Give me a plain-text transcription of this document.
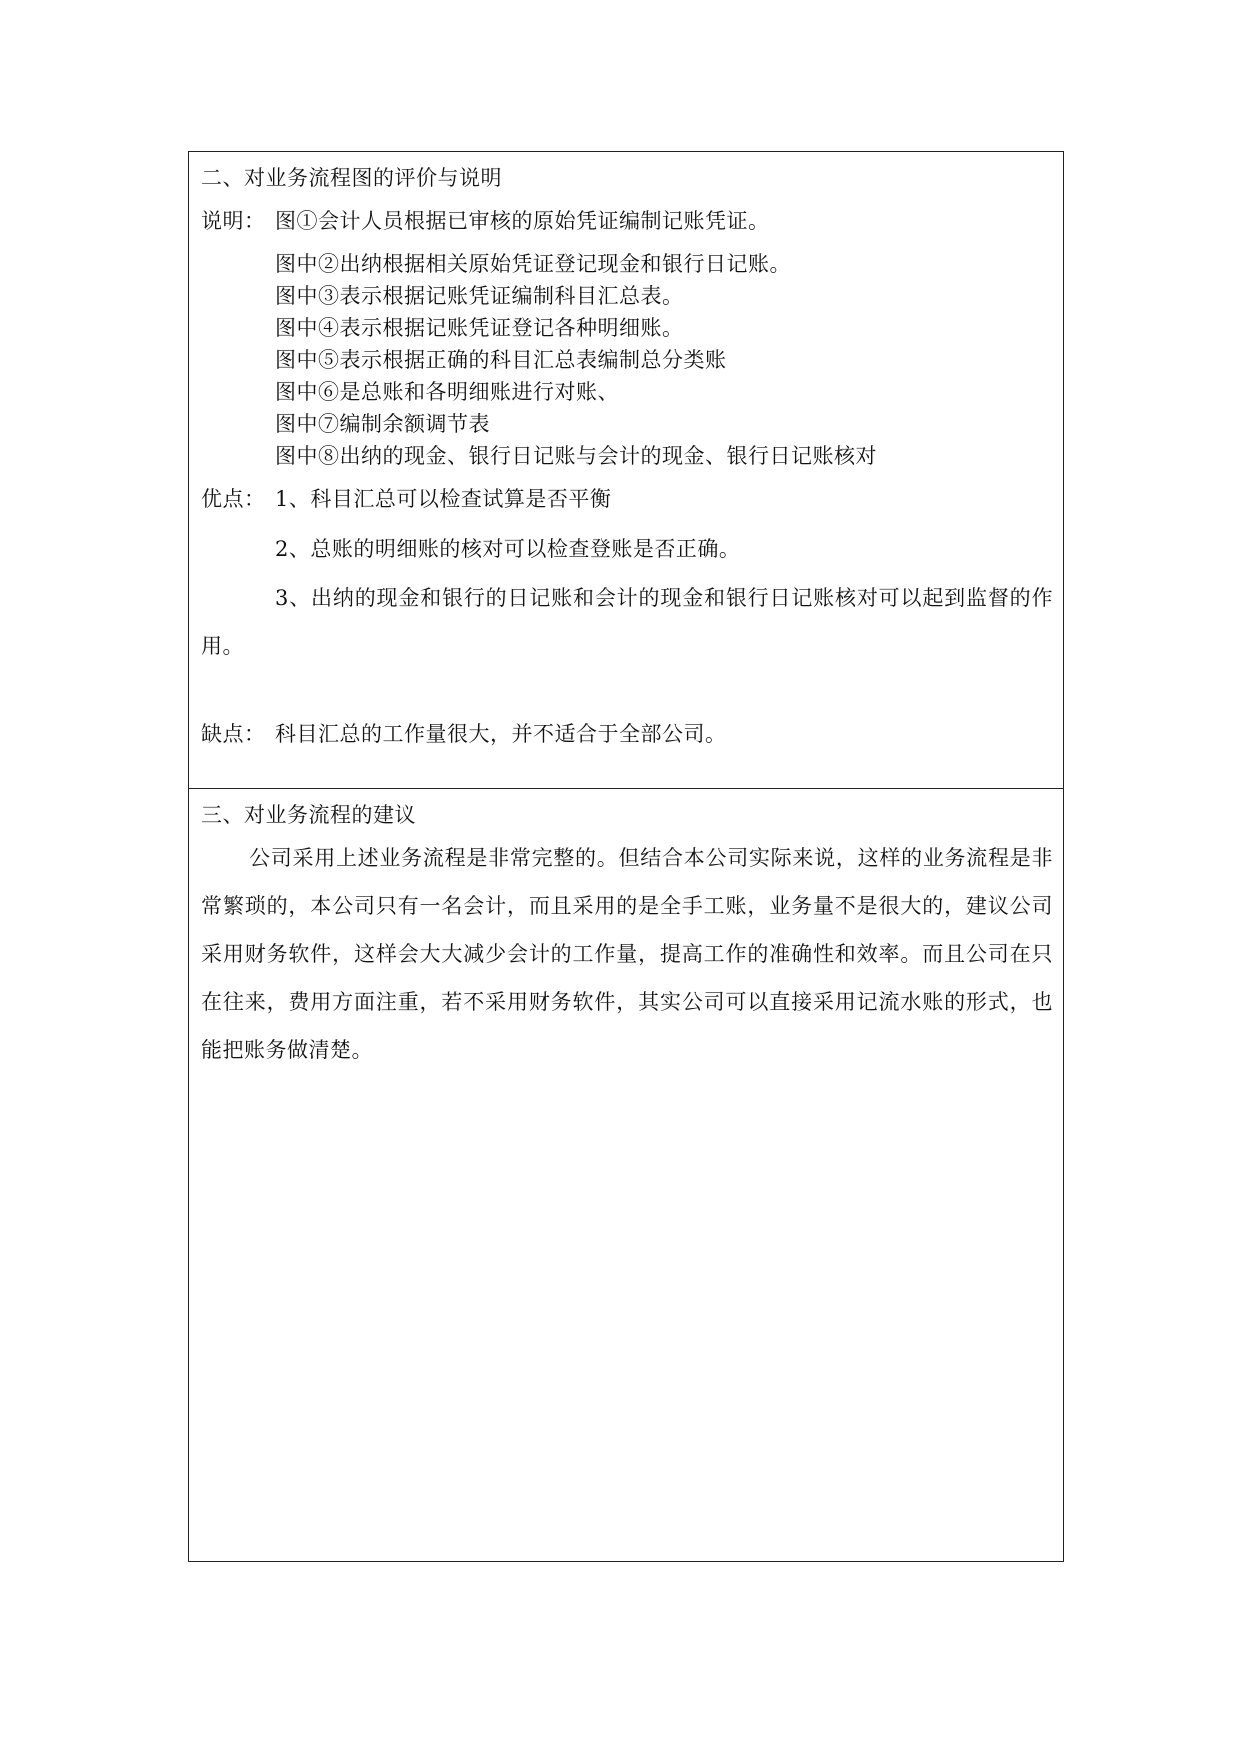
二、对业务流程图的评价与说明
说明： 图①会计人员根据已审核的原始凭证编制记账凭证。
图中②出纳根据相关原始凭证登记现金和银行日记账。
图中③表示根据记账凭证编制科目汇总表。
图中④表示根据记账凭证登记各种明细账。
图中⑤表示根据正确的科目汇总表编制总分类账
图中⑥是总账和各明细账进行对账、
图中⑦编制余额调节表
图中⑧出纳的现金、银行日记账与会计的现金、银行日记账核对
优点： 1、科目汇总可以检查试算是否平衡
2、总账的明细账的核对可以检查登账是否正确。
3、出纳的现金和银行的日记账和会计的现金和银行日记账核对可以起到监督的作用。
缺点： 科目汇总的工作量很大，并不适合于全部公司。
三、对业务流程的建议
公司采用上述业务流程是非常完整的。但结合本公司实际来说，这样的业务流程是非常繁琐的，本公司只有一名会计，而且采用的是全手工账，业务量不是很大的，建议公司采用财务软件，这样会大大减少会计的工作量，提高工作的准确性和效率。而且公司在只在往来，费用方面注重，若不采用财务软件，其实公司可以直接采用记流水账的形式，也能把账务做清楚。
